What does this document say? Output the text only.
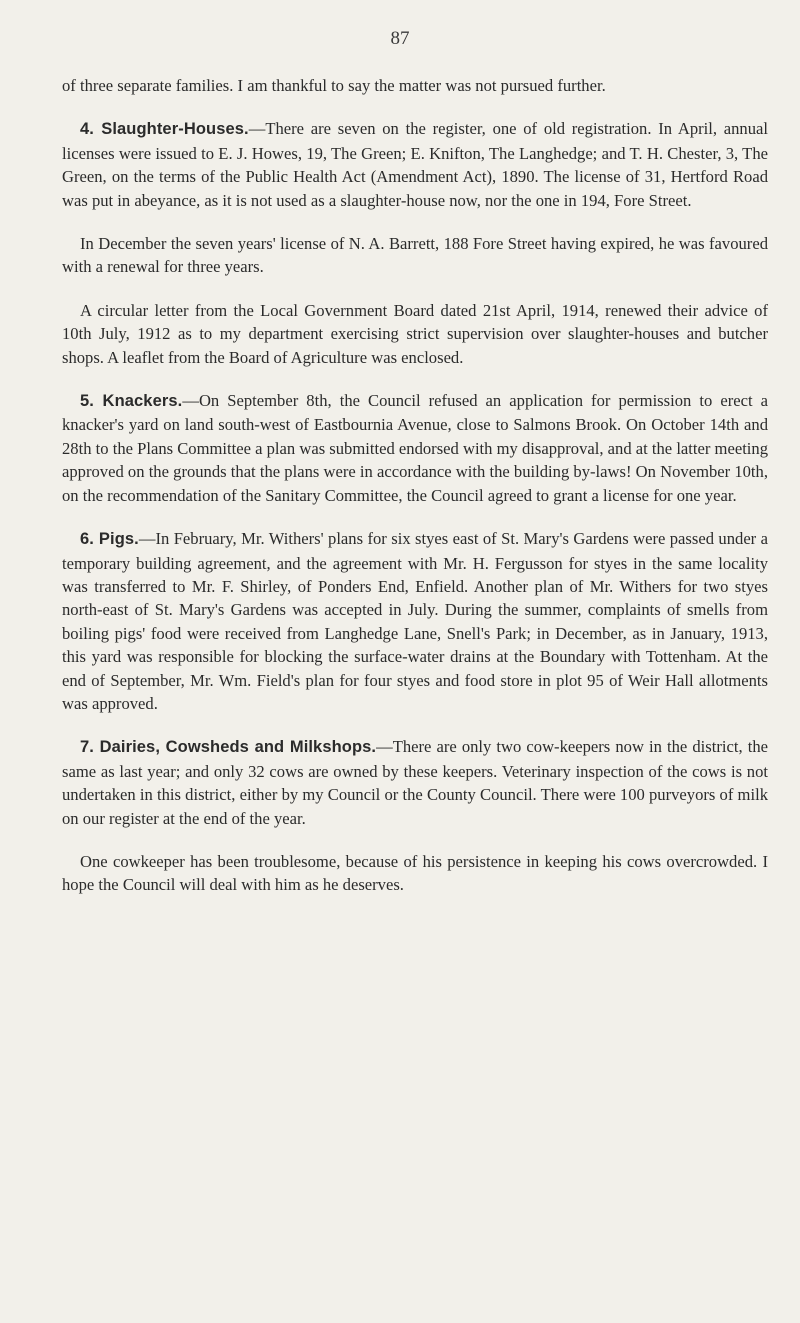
87

of three separate families. I am thankful to say the matter was not pursued further.

4. Slaughter-Houses.—There are seven on the register, one of old registration. In April, annual licenses were issued to E. J. Howes, 19, The Green; E. Knifton, The Langhedge; and T. H. Chester, 3, The Green, on the terms of the Public Health Act (Amendment Act), 1890. The license of 31, Hertford Road was put in abeyance, as it is not used as a slaughter-house now, nor the one in 194, Fore Street.

In December the seven years' license of N. A. Barrett, 188 Fore Street having expired, he was favoured with a renewal for three years.

A circular letter from the Local Government Board dated 21st April, 1914, renewed their advice of 10th July, 1912 as to my department exercising strict supervision over slaughter-houses and butcher shops. A leaflet from the Board of Agriculture was enclosed.

5. Knackers.—On September 8th, the Council refused an application for permission to erect a knacker's yard on land south-west of Eastbournia Avenue, close to Salmons Brook. On October 14th and 28th to the Plans Committee a plan was submitted endorsed with my disapproval, and at the latter meeting approved on the grounds that the plans were in accordance with the building by-laws! On November 10th, on the recommendation of the Sanitary Committee, the Council agreed to grant a license for one year.

6. Pigs.—In February, Mr. Withers' plans for six styes east of St. Mary's Gardens were passed under a temporary building agreement, and the agreement with Mr. H. Fergusson for styes in the same locality was transferred to Mr. F. Shirley, of Ponders End, Enfield. Another plan of Mr. Withers for two styes north-east of St. Mary's Gardens was accepted in July. During the summer, complaints of smells from boiling pigs' food were received from Langhedge Lane, Snell's Park; in December, as in January, 1913, this yard was responsible for blocking the surface-water drains at the Boundary with Tottenham. At the end of September, Mr. Wm. Field's plan for four styes and food store in plot 95 of Weir Hall allotments was approved.

7. Dairies, Cowsheds and Milkshops.—There are only two cow-keepers now in the district, the same as last year; and only 32 cows are owned by these keepers. Veterinary inspection of the cows is not undertaken in this district, either by my Council or the County Council. There were 100 purveyors of milk on our register at the end of the year.

One cowkeeper has been troublesome, because of his persistence in keeping his cows overcrowded. I hope the Council will deal with him as he deserves.
